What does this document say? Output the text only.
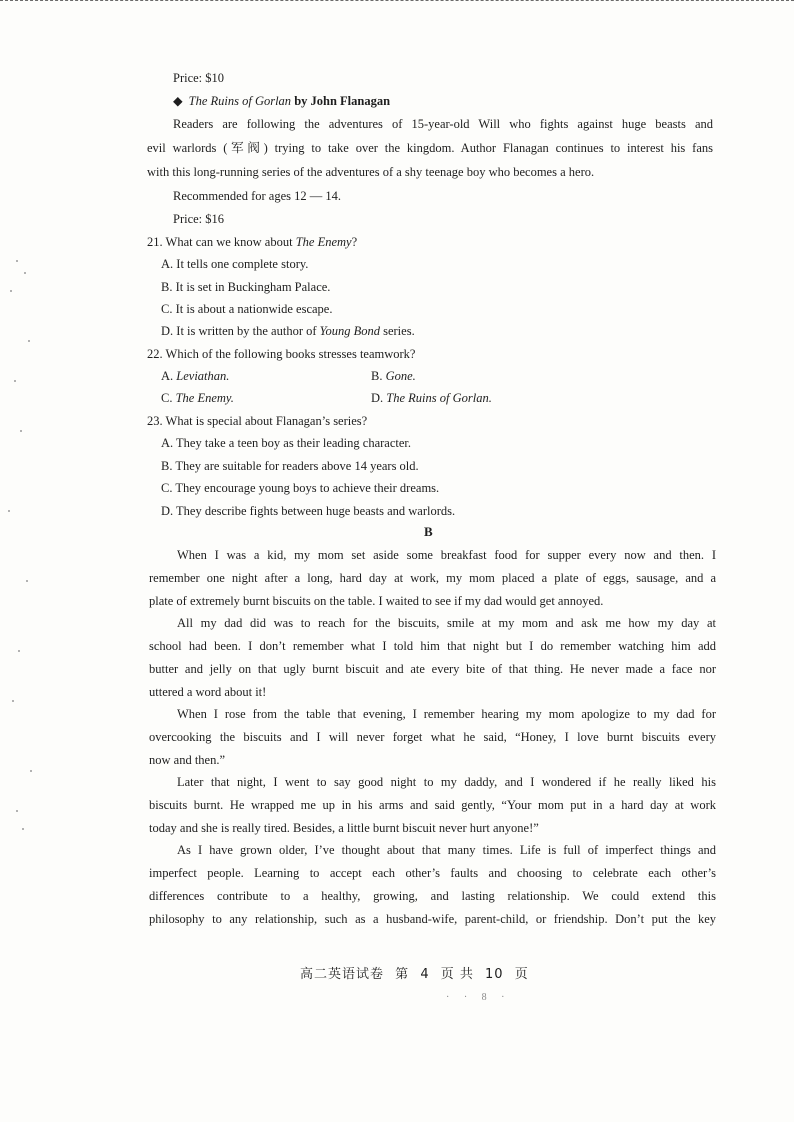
Price: $10
◆ The Ruins of Gorlan by John Flanagan
Readers are following the adventures of 15-year-old Will who fights against huge beasts and
evil warlords (军阀) trying to take over the kingdom. Author Flanagan continues to interest his fans
with this long-running series of the adventures of a shy teenage boy who becomes a hero.
Recommended for ages 12 — 14.
Price: $16
21. What can we know about The Enemy?
A. It tells one complete story.
B. It is set in Buckingham Palace.
C. It is about a nationwide escape.
D. It is written by the author of Young Bond series.
22. Which of the following books stresses teamwork?
A. Leviathan.	B. Gone.
C. The Enemy.	D. The Ruins of Gorlan.
23. What is special about Flanagan’s series?
A. They take a teen boy as their leading character.
B. They are suitable for readers above 14 years old.
C. They encourage young boys to achieve their dreams.
D. They describe fights between huge beasts and warlords.
B
When I was a kid, my mom set aside some breakfast food for supper every now and then. I
remember one night after a long, hard day at work, my mom placed a plate of eggs, sausage, and a
plate of extremely burnt biscuits on the table. I waited to see if my dad would get annoyed.
All my dad did was to reach for the biscuits, smile at my mom and ask me how my day at
school had been. I don’t remember what I told him that night but I do remember watching him add
butter and jelly on that ugly burnt biscuit and ate every bite of that thing. He never made a face nor
uttered a word about it!
When I rose from the table that evening, I remember hearing my mom apologize to my dad for
overcooking the biscuits and I will never forget what he said, “Honey, I love burnt biscuits every
now and then.”
Later that night, I went to say good night to my daddy, and I wondered if he really liked his
biscuits burnt. He wrapped me up in his arms and said gently, “Your mom put in a hard day at work
today and she is really tired. Besides, a little burnt biscuit never hurt anyone!”
As I have grown older, I’ve thought about that many times. Life is full of imperfect things and
imperfect people. Learning to accept each other’s faults and choosing to celebrate each other’s
differences contribute to a healthy, growing, and lasting relationship. We could extend this
philosophy to any relationship, such as a husband-wife, parent-child, or friendship. Don’t put the key
高二英语试卷 第 4 页 共 10 页
· · 8 ·
